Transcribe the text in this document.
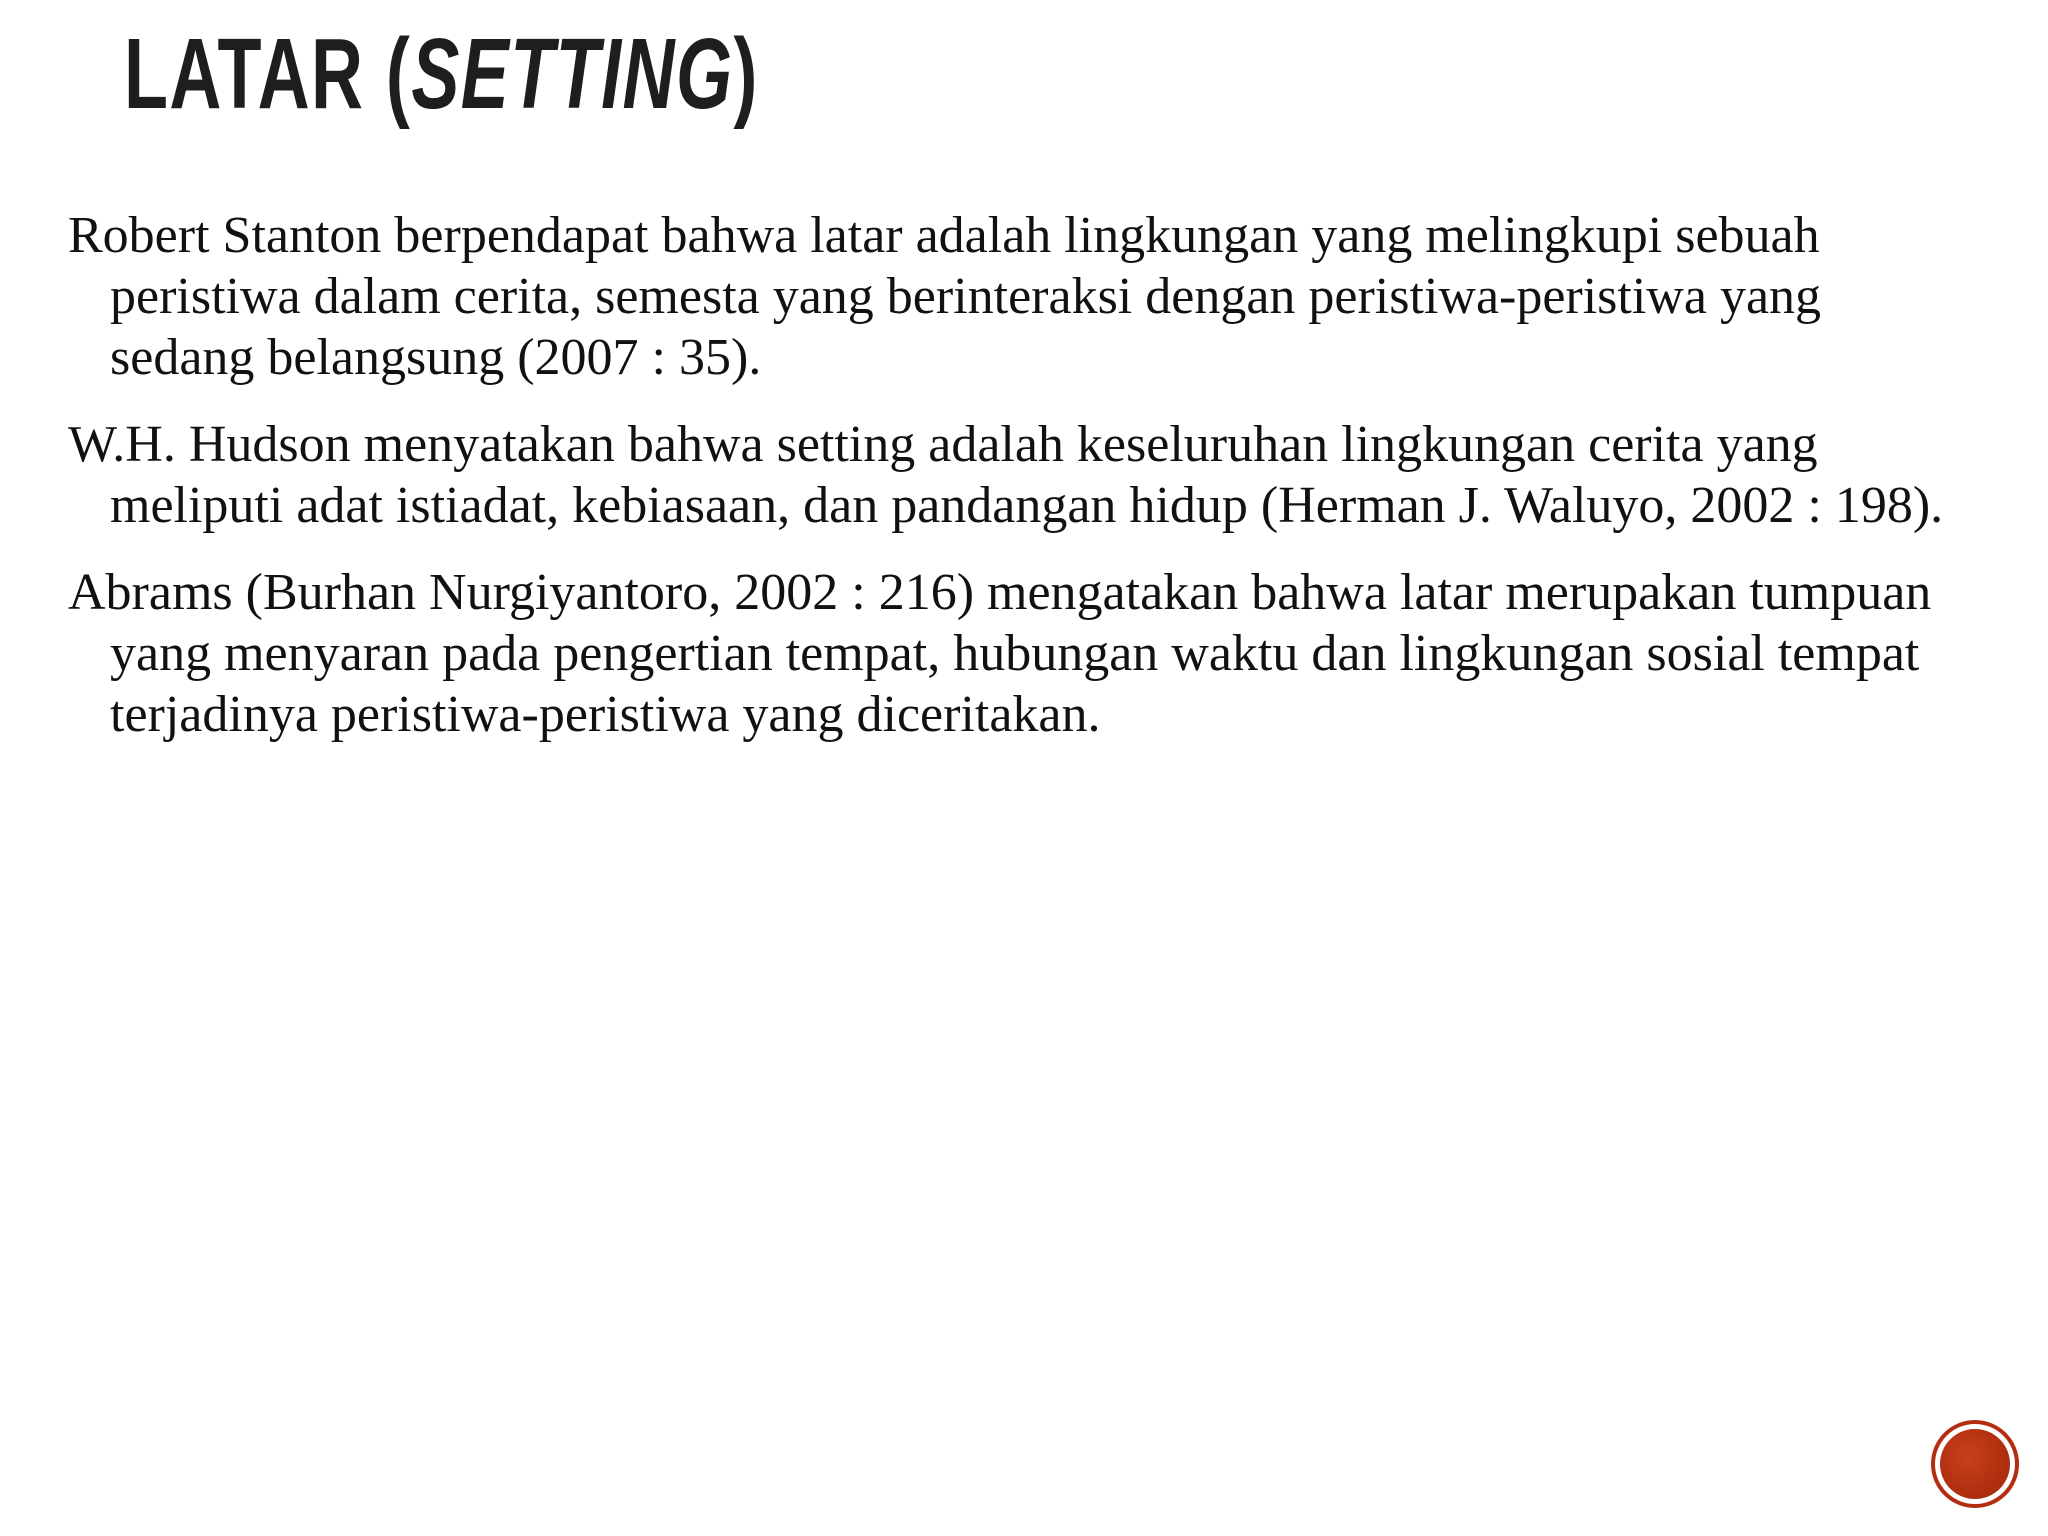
LATAR (SETTING)

Robert Stanton berpendapat bahwa latar adalah lingkungan yang melingkupi sebuah peristiwa dalam cerita, semesta yang berinteraksi dengan peristiwa-peristiwa yang sedang belangsung (2007 : 35).

W.H. Hudson menyatakan bahwa setting adalah keseluruhan lingkungan cerita yang meliputi adat istiadat, kebiasaan, dan pandangan hidup (Herman J. Waluyo, 2002 : 198).

Abrams (Burhan Nurgiyantoro, 2002 : 216) mengatakan bahwa latar merupakan tumpuan yang menyaran pada pengertian tempat, hubungan waktu dan lingkungan sosial tempat terjadinya peristiwa-peristiwa yang diceritakan.
